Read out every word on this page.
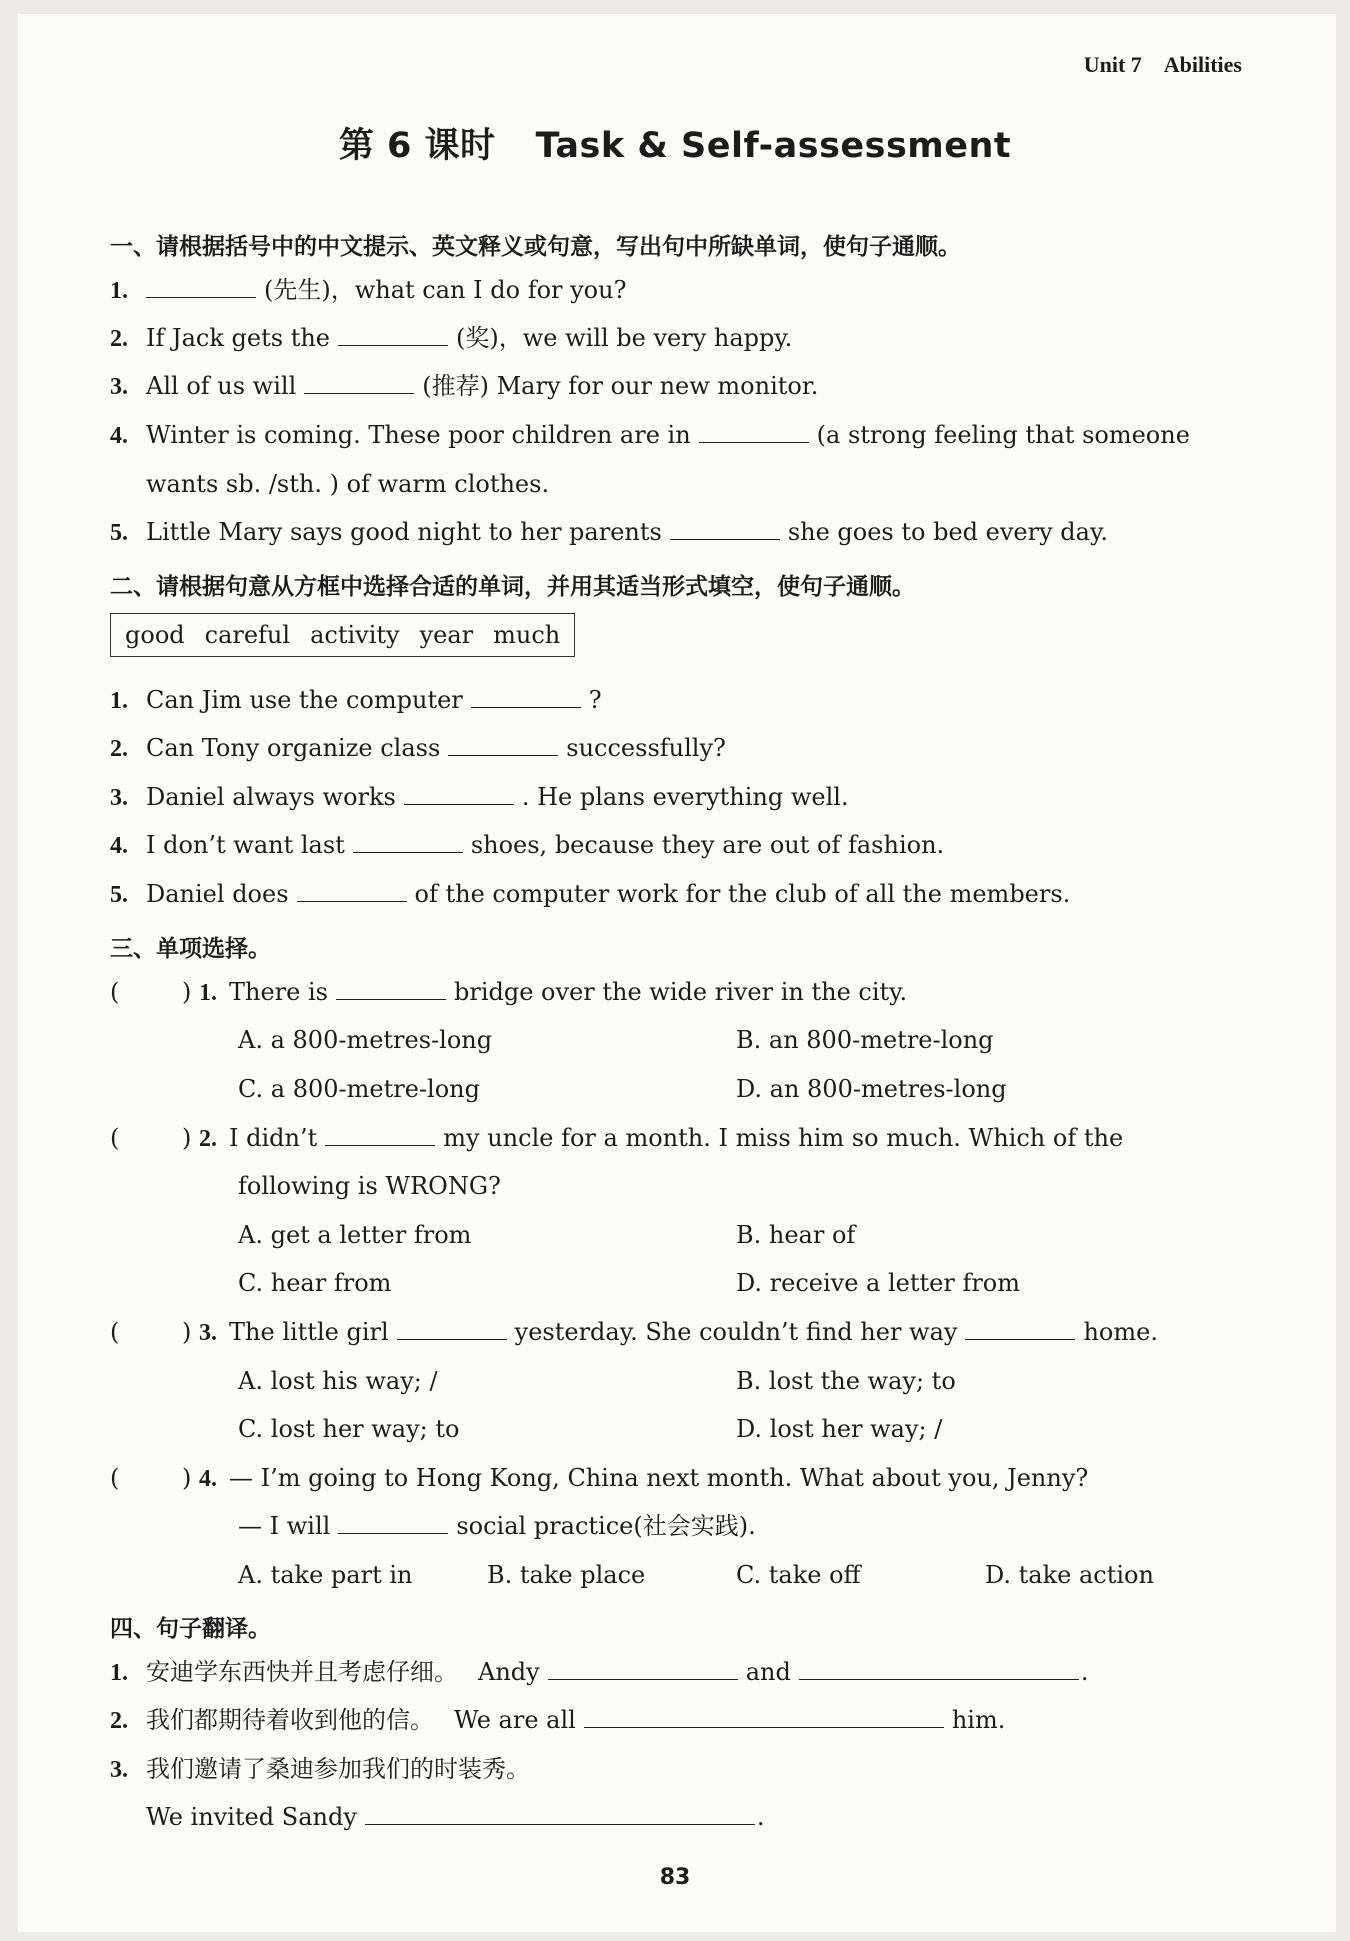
Unit 7 Abilities
第 6 课时 Task & Self-assessment
一、请根据括号中的中文提示、英文释义或句意，写出句中所缺单词，使句子通顺。
1.	(先生)，what can I do for you?
2. If Jack gets the	(奖)，we will be very happy.
3. All of us will	(推荐) Mary for our new monitor.
4. Winter is coming. These poor children are in	(a strong feeling that someone
wants sb. /sth. ) of warm clothes.
5. Little Mary says good night to her parents	she goes to bed every day.
二、请根据句意从方框中选择合适的单词，并用其适当形式填空，使句子通顺。
good careful activity year much
1. Can Jim use the computer	?
2. Can Tony organize class	successfully?
3. Daniel always works	. He plans everything well.
4. I don’t want last	shoes, because they are out of fashion.
5. Daniel does	of the computer work for the club of all the members.
三、单项选择。
(	) 1. There is	bridge over the wide river in the city.
A. a 800-metres-long	B. an 800-metre-long
C. a 800-metre-long	D. an 800-metres-long
(	) 2. I didn’t	my uncle for a month. I miss him so much. Which of the
following is WRONG?
A. get a letter from	B. hear of
C. hear from	D. receive a letter from
(	) 3. The little girl	yesterday. She couldn’t find her way	home.
A. lost his way; /	B. lost the way; to
C. lost her way; to	D. lost her way; /
(	) 4. — I’m going to Hong Kong, China next month. What about you, Jenny?
— I will	social practice(社会实践).
A. take part in	B. take place	C. take off	D. take action
四、句子翻译。
1. 安迪学东西快并且考虑仔细。 Andy	and	.
2. 我们都期待着收到他的信。 We are all	him.
3. 我们邀请了桑迪参加我们的时装秀。
We invited Sandy	.
83
